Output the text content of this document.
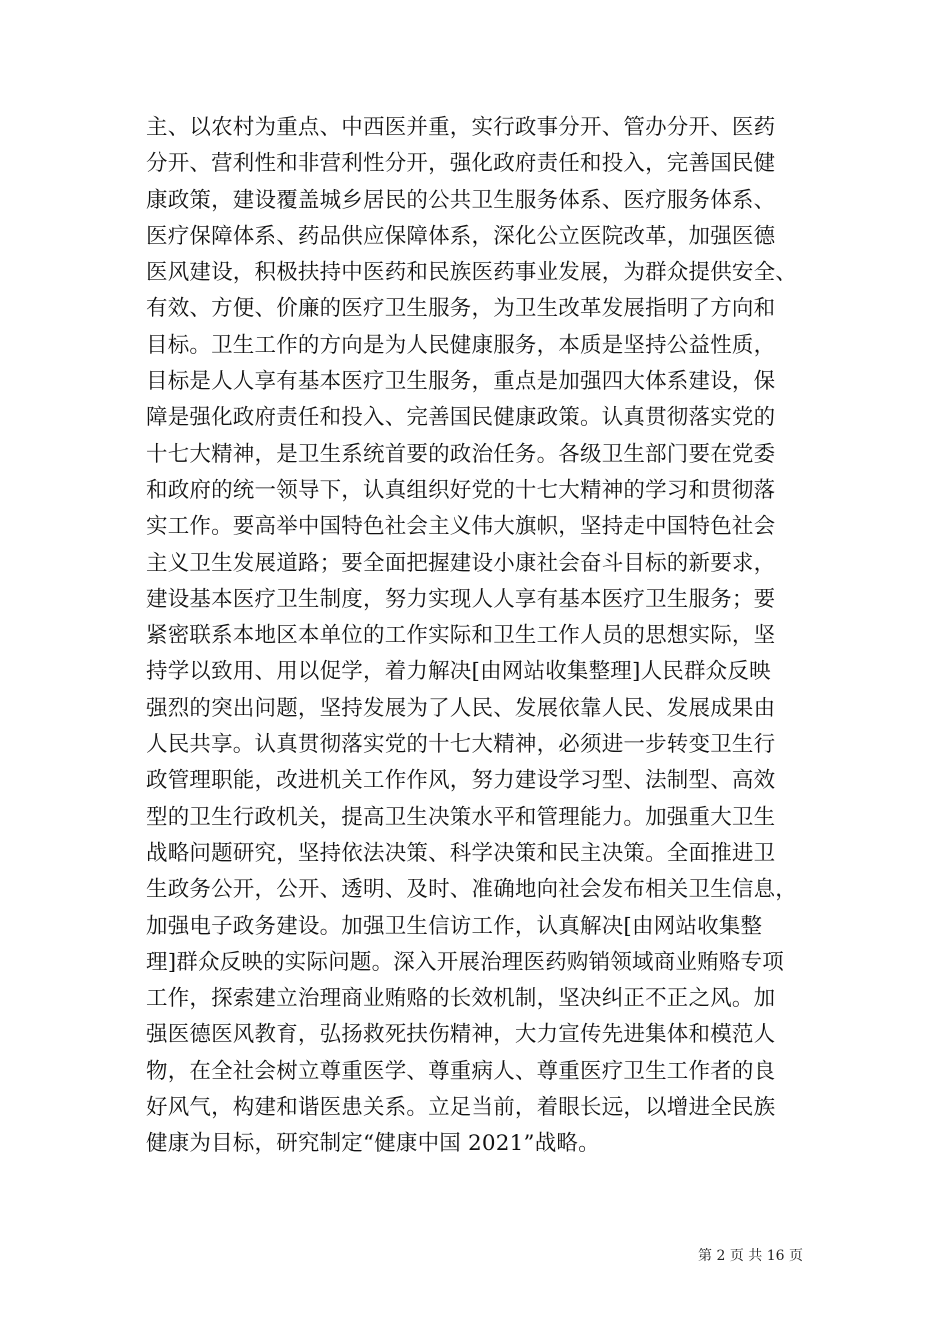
主、以农村为重点、中西医并重，实行政事分开、管办分开、医药
分开、营利性和非营利性分开，强化政府责任和投入，完善国民健
康政策，建设覆盖城乡居民的公共卫生服务体系、医疗服务体系、
医疗保障体系、药品供应保障体系，深化公立医院改革，加强医德
医风建设，积极扶持中医药和民族医药事业发展，为群众提供安全、
有效、方便、价廉的医疗卫生服务，为卫生改革发展指明了方向和
目标。卫生工作的方向是为人民健康服务，本质是坚持公益性质，
目标是人人享有基本医疗卫生服务，重点是加强四大体系建设，保
障是强化政府责任和投入、完善国民健康政策。认真贯彻落实党的
十七大精神，是卫生系统首要的政治任务。各级卫生部门要在党委
和政府的统一领导下，认真组织好党的十七大精神的学习和贯彻落
实工作。要高举中国特色社会主义伟大旗帜，坚持走中国特色社会
主义卫生发展道路；要全面把握建设小康社会奋斗目标的新要求，
建设基本医疗卫生制度，努力实现人人享有基本医疗卫生服务；要
紧密联系本地区本单位的工作实际和卫生工作人员的思想实际，坚
持学以致用、用以促学，着力解决[由网站收集整理]人民群众反映
强烈的突出问题，坚持发展为了人民、发展依靠人民、发展成果由
人民共享。认真贯彻落实党的十七大精神，必须进一步转变卫生行
政管理职能，改进机关工作作风，努力建设学习型、法制型、高效
型的卫生行政机关，提高卫生决策水平和管理能力。加强重大卫生
战略问题研究，坚持依法决策、科学决策和民主决策。全面推进卫
生政务公开，公开、透明、及时、准确地向社会发布相关卫生信息，
加强电子政务建设。加强卫生信访工作，认真解决[由网站收集整
理]群众反映的实际问题。深入开展治理医药购销领域商业贿赂专项
工作，探索建立治理商业贿赂的长效机制，坚决纠正不正之风。加
强医德医风教育，弘扬救死扶伤精神，大力宣传先进集体和模范人
物，在全社会树立尊重医学、尊重病人、尊重医疗卫生工作者的良
好风气，构建和谐医患关系。立足当前，着眼长远，以增进全民族
健康为目标，研究制定“健康中国 2021”战略。
第 2 页 共 16 页
